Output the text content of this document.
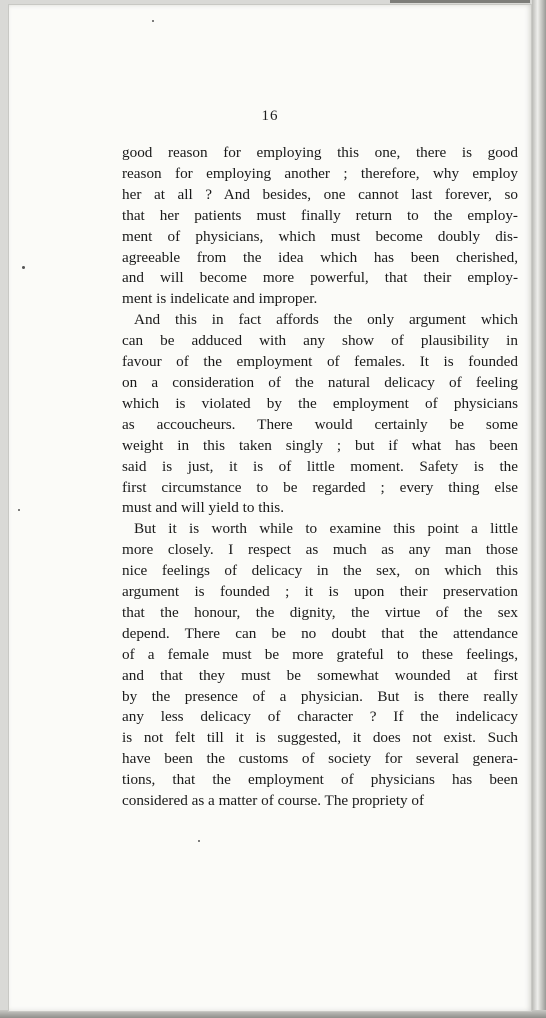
16
good reason for employing this one, there is good
reason for employing another ; therefore, why employ
her at all ? And besides, one cannot last forever, so
that her patients must finally return to the employ-
ment of physicians, which must become doubly dis-
agreeable from the idea which has been cherished,
and will become more powerful, that their employ-
ment is indelicate and improper.
And this in fact affords the only argument which
can be adduced with any show of plausibility in
favour of the employment of females. It is founded
on a consideration of the natural delicacy of feeling
which is violated by the employment of physicians
as accoucheurs. There would certainly be some
weight in this taken singly ; but if what has been
said is just, it is of little moment. Safety is the
first circumstance to be regarded ; every thing else
must and will yield to this.
But it is worth while to examine this point a little
more closely. I respect as much as any man those
nice feelings of delicacy in the sex, on which this
argument is founded ; it is upon their preservation
that the honour, the dignity, the virtue of the sex
depend. There can be no doubt that the attendance
of a female must be more grateful to these feelings,
and that they must be somewhat wounded at first
by the presence of a physician. But is there really
any less delicacy of character ? If the indelicacy
is not felt till it is suggested, it does not exist. Such
have been the customs of society for several genera-
tions, that the employment of physicians has been
considered as a matter of course. The propriety of
